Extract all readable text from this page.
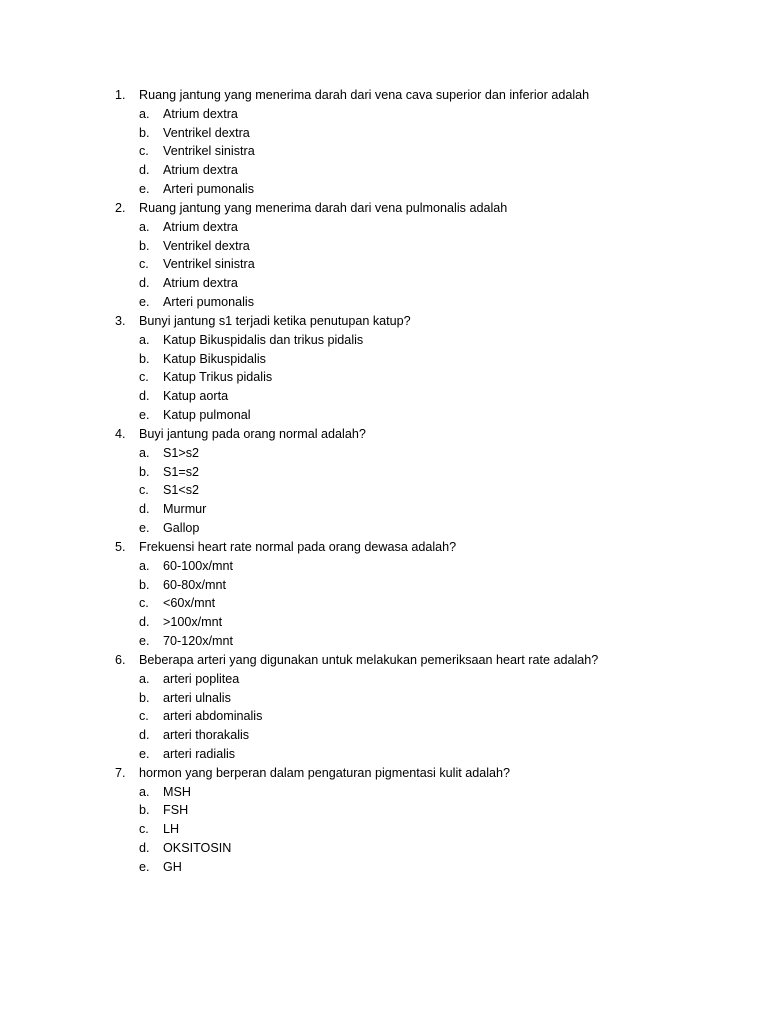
1. Ruang jantung yang menerima darah dari vena cava superior dan inferior adalah
a. Atrium dextra
b. Ventrikel dextra
c. Ventrikel sinistra
d. Atrium dextra
e. Arteri pumonalis
2. Ruang jantung yang menerima darah dari vena pulmonalis adalah
a. Atrium dextra
b. Ventrikel dextra
c. Ventrikel sinistra
d. Atrium dextra
e. Arteri pumonalis
3. Bunyi jantung s1 terjadi ketika penutupan katup?
a. Katup Bikuspidalis dan trikus pidalis
b. Katup Bikuspidalis
c. Katup Trikus pidalis
d. Katup aorta
e. Katup pulmonal
4. Buyi jantung pada orang normal adalah?
a. S1>s2
b. S1=s2
c. S1<s2
d. Murmur
e. Gallop
5. Frekuensi heart rate normal pada orang dewasa adalah?
a. 60-100x/mnt
b. 60-80x/mnt
c. <60x/mnt
d. >100x/mnt
e. 70-120x/mnt
6. Beberapa arteri yang digunakan untuk melakukan pemeriksaan heart rate adalah?
a. arteri poplitea
b. arteri ulnalis
c. arteri abdominalis
d. arteri thorakalis
e. arteri radialis
7. hormon yang berperan dalam pengaturan pigmentasi kulit adalah?
a. MSH
b. FSH
c. LH
d. OKSITOSIN
e. GH
